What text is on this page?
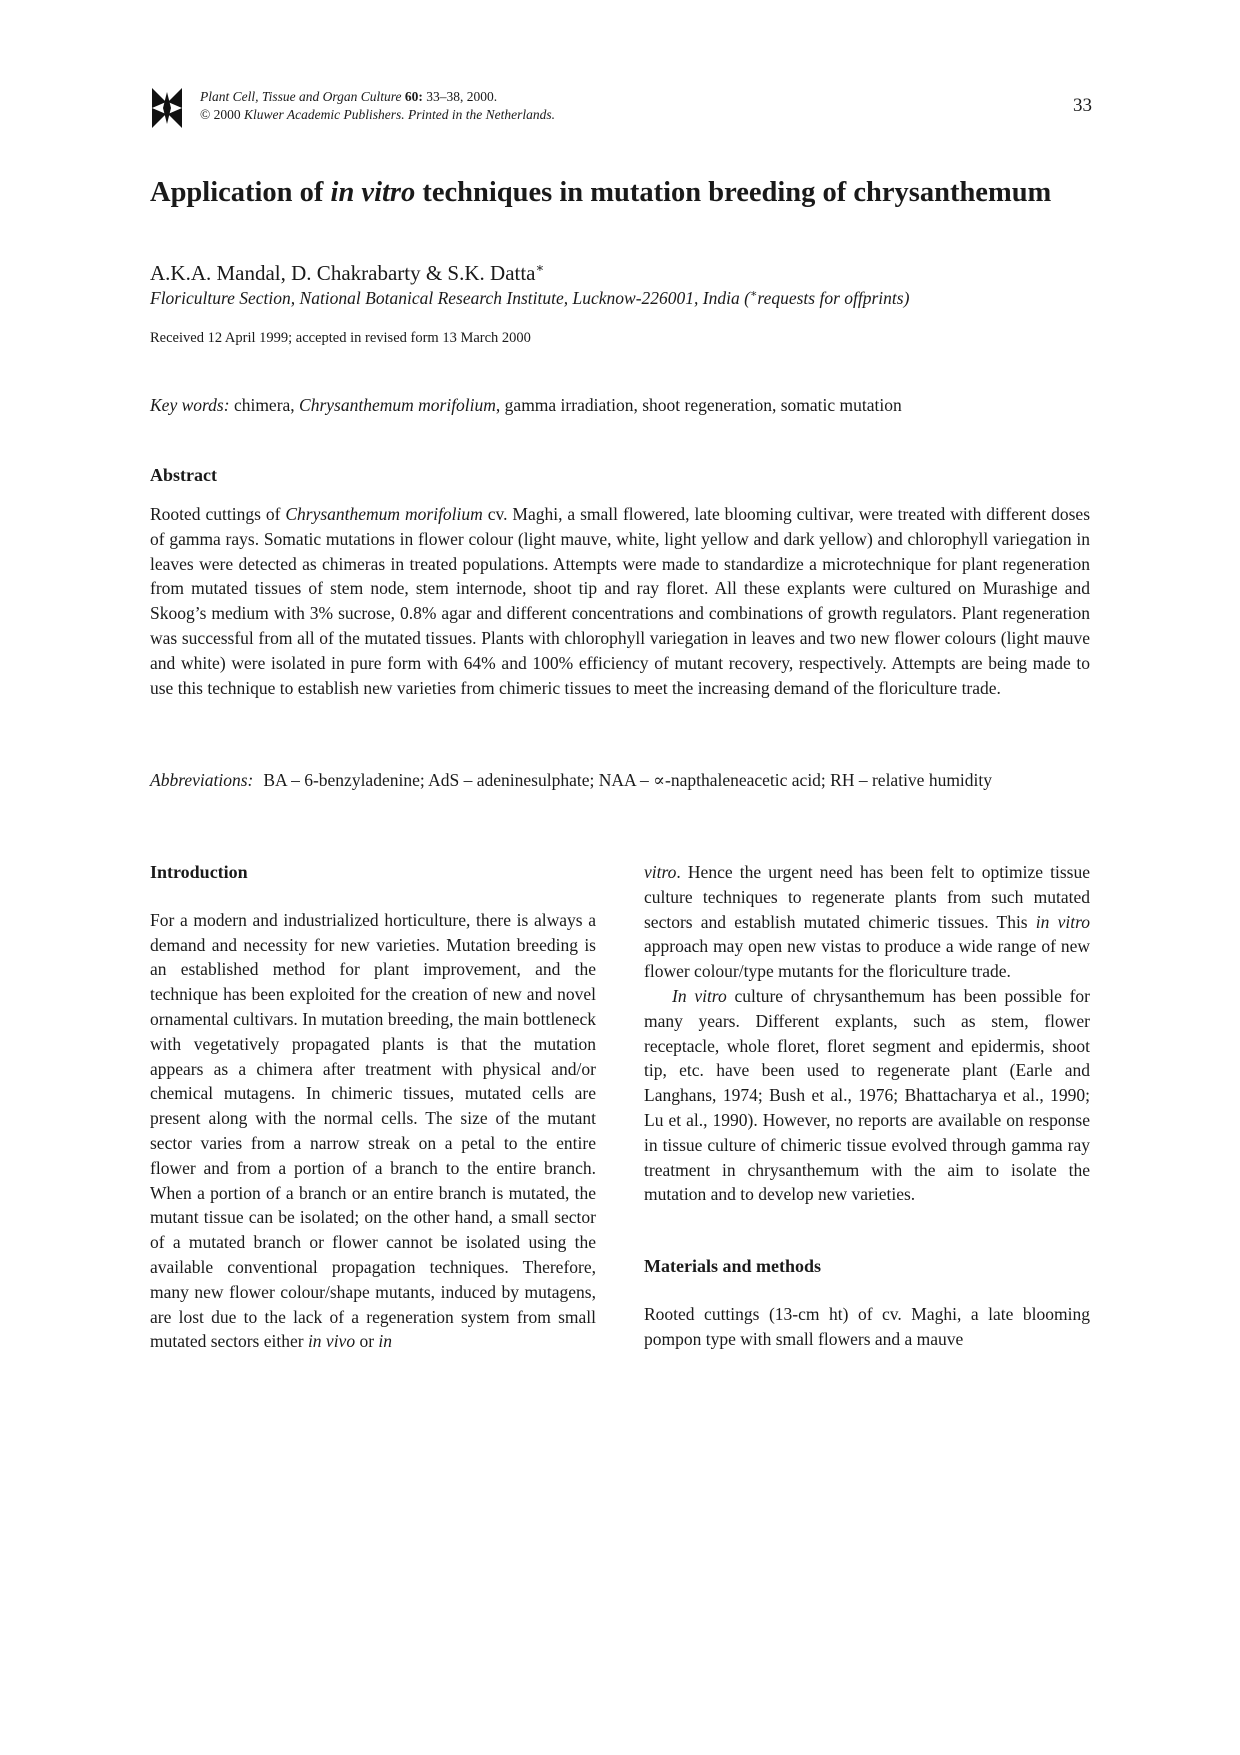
Plant Cell, Tissue and Organ Culture 60: 33–38, 2000.
© 2000 Kluwer Academic Publishers. Printed in the Netherlands.	33
Application of in vitro techniques in mutation breeding of chrysanthemum
A.K.A. Mandal, D. Chakrabarty & S.K. Datta∗
Floriculture Section, National Botanical Research Institute, Lucknow-226001, India (∗requests for offprints)
Received 12 April 1999; accepted in revised form 13 March 2000
Key words: chimera, Chrysanthemum morifolium, gamma irradiation, shoot regeneration, somatic mutation
Abstract
Rooted cuttings of Chrysanthemum morifolium cv. Maghi, a small flowered, late blooming cultivar, were treated with different doses of gamma rays. Somatic mutations in flower colour (light mauve, white, light yellow and dark yellow) and chlorophyll variegation in leaves were detected as chimeras in treated populations. Attempts were made to standardize a microtechnique for plant regeneration from mutated tissues of stem node, stem internode, shoot tip and ray floret. All these explants were cultured on Murashige and Skoog’s medium with 3% sucrose, 0.8% agar and different concentrations and combinations of growth regulators. Plant regeneration was successful from all of the mutated tissues. Plants with chlorophyll variegation in leaves and two new flower colours (light mauve and white) were isolated in pure form with 64% and 100% efficiency of mutant recovery, respectively. Attempts are being made to use this technique to establish new varieties from chimeric tissues to meet the increasing demand of the floriculture trade.
Abbreviations: BA – 6-benzyladenine; AdS – adeninesulphate; NAA – ∝-napthaleneacetic acid; RH – relative humidity
Introduction

For a modern and industrialized horticulture, there is always a demand and necessity for new varieties. Mutation breeding is an established method for plant improvement, and the technique has been exploited for the creation of new and novel ornamental cultivars. In mutation breeding, the main bottleneck with vegetatively propagated plants is that the mutation appears as a chimera after treatment with physical and/or chemical mutagens. In chimeric tissues, mutated cells are present along with the normal cells. The size of the mutant sector varies from a narrow streak on a petal to the entire flower and from a portion of a branch to the entire branch. When a portion of a branch or an entire branch is mutated, the mutant tissue can be isolated; on the other hand, a small sector of a mutated branch or flower cannot be isolated using the available conventional propagation techniques. Therefore, many new flower colour/shape mutants, induced by mutagens, are lost due to the lack of a regeneration system from small mutated sectors either in vivo or in

vitro. Hence the urgent need has been felt to optimize tissue culture techniques to regenerate plants from such mutated sectors and establish mutated chimeric tissues. This in vitro approach may open new vistas to produce a wide range of new flower colour/type mutants for the floriculture trade.

In vitro culture of chrysanthemum has been possible for many years. Different explants, such as stem, flower receptacle, whole floret, floret segment and epidermis, shoot tip, etc. have been used to regenerate plant (Earle and Langhans, 1974; Bush et al., 1976; Bhattacharya et al., 1990; Lu et al., 1990). However, no reports are available on response in tissue culture of chimeric tissue evolved through gamma ray treatment in chrysanthemum with the aim to isolate the mutation and to develop new varieties.

Materials and methods

Rooted cuttings (13-cm ht) of cv. Maghi, a late blooming pompon type with small flowers and a mauve
